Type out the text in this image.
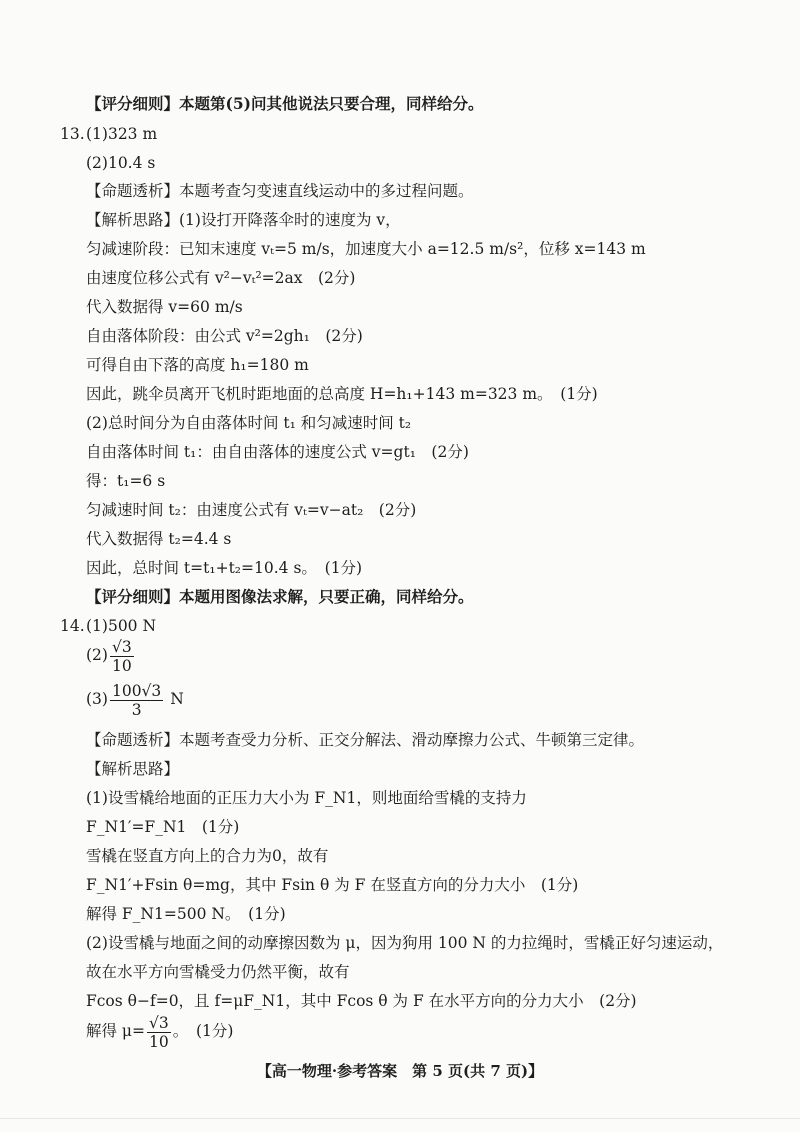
【评分细则】本题第(5)问其他说法只要合理，同样给分。
13. (1)323 m
(2)10.4 s
【命题透析】本题考查匀变速直线运动中的多过程问题。
【解析思路】(1)设打开降落伞时的速度为 v，
匀减速阶段：已知末速度 vₜ=5 m/s，加速度大小 a=12.5 m/s²，位移 x=143 m
由速度位移公式有 v²−vₜ²=2ax　(2分)
代入数据得 v=60 m/s
自由落体阶段：由公式 v²=2gh₁　(2分)
可得自由下落的高度 h₁=180 m
因此，跳伞员离开飞机时距地面的总高度 H=h₁+143 m=323 m。　(1分)
(2)总时间分为自由落体时间 t₁ 和匀减速时间 t₂
自由落体时间 t₁：由自由落体的速度公式 v=gt₁　(2分)
得：t₁=6 s
匀减速时间 t₂：由速度公式有 vₜ=v−at₂　(2分)
代入数据得 t₂=4.4 s
因此，总时间 t=t₁+t₂=10.4 s。　(1分)
【评分细则】本题用图像法求解，只要正确，同样给分。
14. (1)500 N
$(2) \frac{√3}{10}$
$(3) \frac{100√3}{3}$ N
【命题透析】本题考查受力分析、正交分解法、滑动摩擦力公式、牛顿第三定律。
【解析思路】
(1)设雪橇给地面的正压力大小为 F_N1，则地面给雪橇的支持力
F_N1′=F_N1　(1分)
雪橇在竖直方向上的合力为0，故有
F_N1′+Fsin θ=mg，其中 Fsin θ 为 F 在竖直方向的分力大小　(1分)
解得 F_N1=500 N。　(1分)
(2)设雪橇与地面之间的动摩擦因数为 μ，因为狗用 100 N 的力拉绳时，雪橇正好匀速运动，
故在水平方向雪橇受力仍然平衡，故有
Fcos θ−f=0，且 f=μF_N1，其中 Fcos θ 为 F 在水平方向的分力大小　(2分)
解得 $\mu= \frac{√3}{10}$ 。　(1分)
【高一物理·参考答案　第 5 页(共 7 页)】
